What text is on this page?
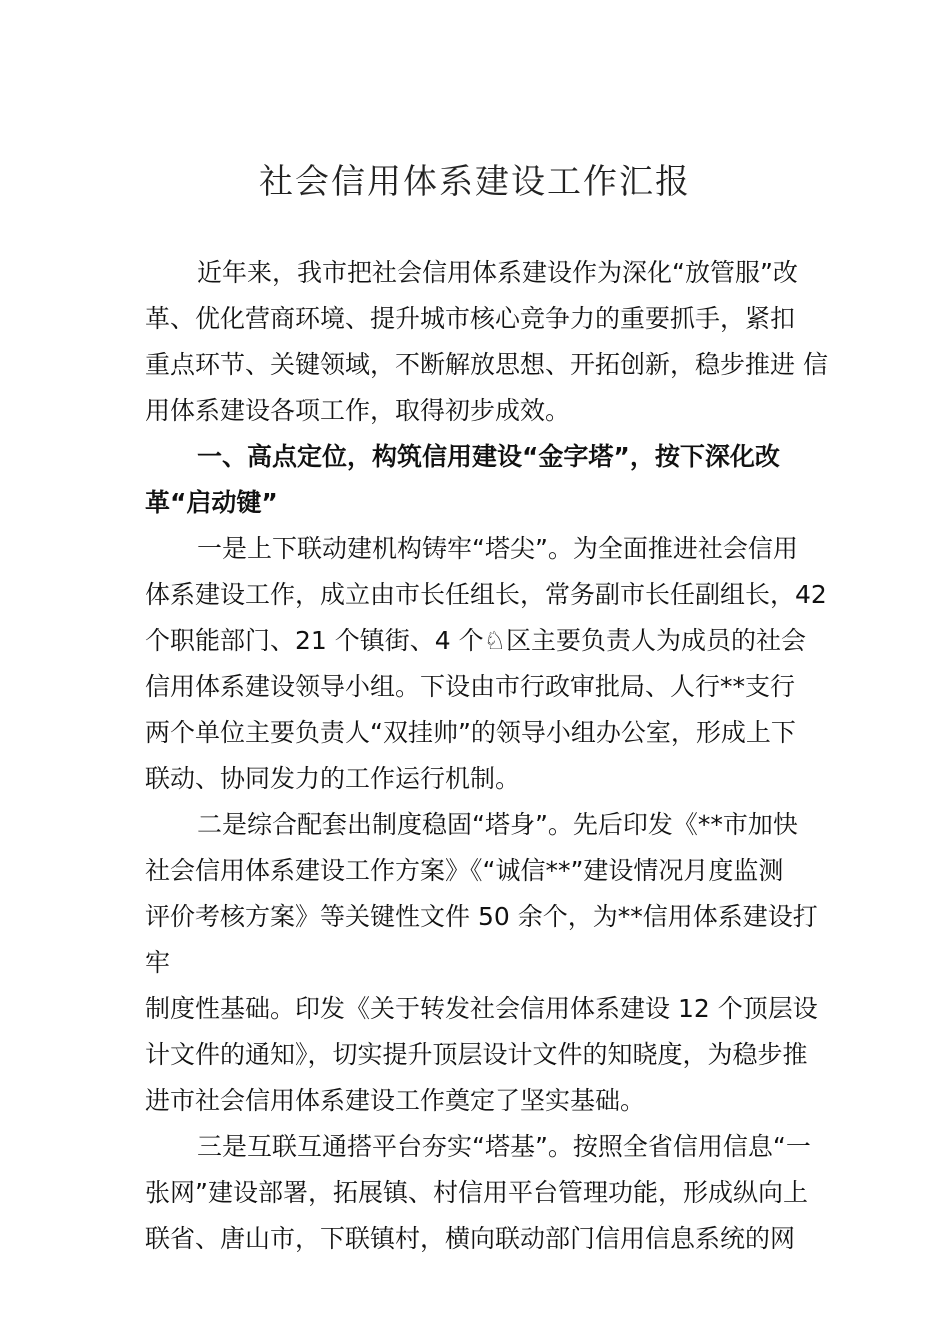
社会信用体系建设工作汇报
近年来，我市把社会信用体系建设作为深化“放管服”改
革、优化营商环境、提升城市核心竞争力的重要抓手，紧扣
重点环节、关键领域，不断解放思想、开拓创新，稳步推进 信
用体系建设各项工作，取得初步成效。
一、高点定位，构筑信用建设“金字塔”，按下深化改
革“启动键”
一是上下联动建机构铸牢“塔尖”。为全面推进社会信用
体系建设工作，成立由市长任组长，常务副市长任副组长，42
个职能部门、21 个镇街、4 个♘区主要负责人为成员的社会
信用体系建设领导小组。下设由市行政审批局、人行**支行
两个单位主要负责人“双挂帅”的领导小组办公室，形成上下
联动、协同发力的工作运行机制。
二是综合配套出制度稳固“塔身”。先后印发《**市加快
社会信用体系建设工作方案》《“诚信**”建设情况月度监测
评价考核方案》等关键性文件 50 余个，为**信用体系建设打
牢
制度性基础。印发《关于转发社会信用体系建设 12 个顶层设
计文件的通知》，切实提升顶层设计文件的知晓度，为稳步推
进市社会信用体系建设工作奠定了坚实基础。
三是互联互通搭平台夯实“塔基”。按照全省信用信息“一
张网”建设部署，拓展镇、村信用平台管理功能，形成纵向上
联省、唐山市，下联镇村，横向联动部门信用信息系统的网
